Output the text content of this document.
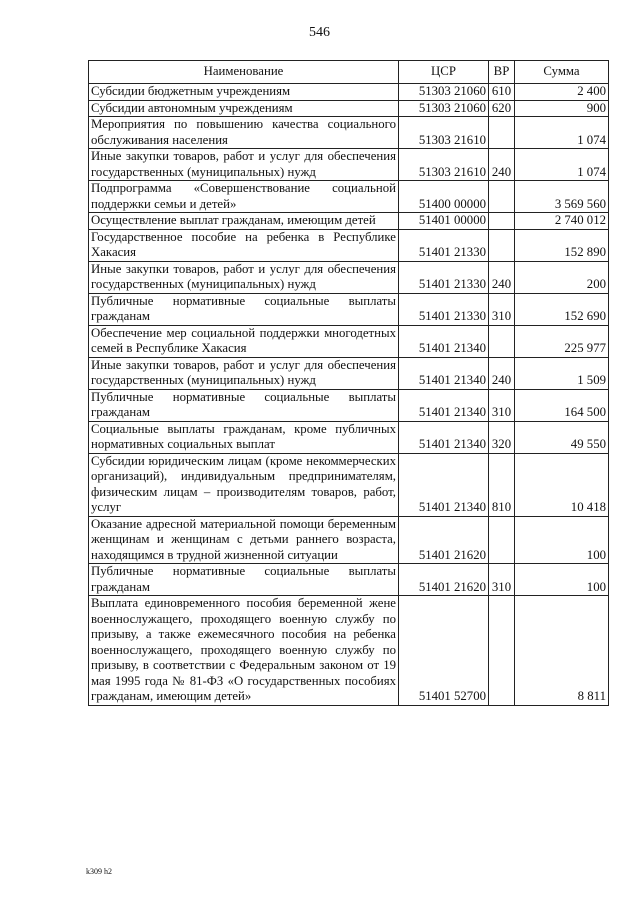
546
Наименование	ЦСР	ВР	Сумма
Субсидии бюджетным учреждениям	51303 21060	610	2 400
Субсидии автономным учреждениям	51303 21060	620	900
Мероприятия по повышению качества социального обслуживания населения	51303 21610		1 074
Иные закупки товаров, работ и услуг для обеспечения государственных (муниципальных) нужд	51303 21610	240	1 074
Подпрограмма «Совершенствование социальной поддержки семьи и детей»	51400 00000		3 569 560
Осуществление выплат гражданам, имеющим детей	51401 00000		2 740 012
Государственное пособие на ребенка в Республике Хакасия	51401 21330		152 890
Иные закупки товаров, работ и услуг для обеспечения государственных (муниципальных) нужд	51401 21330	240	200
Публичные нормативные социальные выплаты гражданам	51401 21330	310	152 690
Обеспечение мер социальной поддержки многодетных семей в Республике Хакасия	51401 21340		225 977
Иные закупки товаров, работ и услуг для обеспечения государственных (муниципальных) нужд	51401 21340	240	1 509
Публичные нормативные социальные выплаты гражданам	51401 21340	310	164 500
Социальные выплаты гражданам, кроме публичных нормативных социальных выплат	51401 21340	320	49 550
Субсидии юридическим лицам (кроме некоммерческих организаций), индивидуальным предпринимателям, физическим лицам – производителям товаров, работ, услуг	51401 21340	810	10 418
Оказание адресной материальной помощи беременным женщинам и женщинам с детьми раннего возраста, находящимся в трудной жизненной ситуации	51401 21620		100
Публичные нормативные социальные выплаты гражданам	51401 21620	310	100
Выплата единовременного пособия беременной жене военнослужащего, проходящего военную службу по призыву, а также ежемесячного пособия на ребенка военнослужащего, проходящего военную службу по призыву, в соответствии с Федеральным законом от 19 мая 1995 года № 81-ФЗ «О государственных пособиях гражданам, имеющим детей»	51401 52700		8 811
k309 h2
